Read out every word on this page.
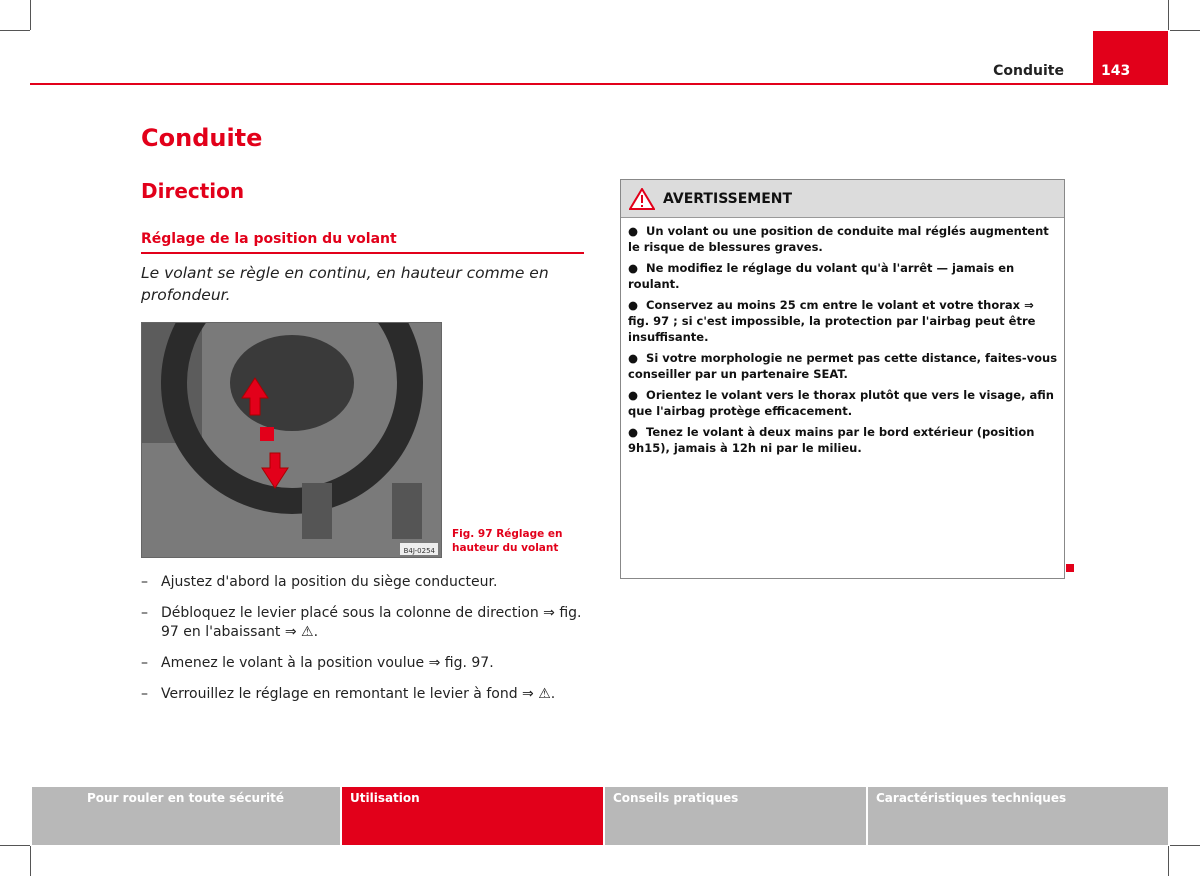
Conduite	143
Conduite
Direction
Réglage de la position du volant
Le volant se règle en continu, en hauteur comme en profondeur.
B4J-0254
Fig. 97 Réglage en hauteur du volant
– Ajustez d'abord la position du siège conducteur.
– Débloquez le levier placé sous la colonne de direction ⇒ fig. 97 en l'abaissant ⇒ ⚠.
– Amenez le volant à la position voulue ⇒ fig. 97.
– Verrouillez le réglage en remontant le levier à fond ⇒ ⚠.
AVERTISSEMENT

● Un volant ou une position de conduite mal réglés augmentent le risque de blessures graves.

● Ne modifiez le réglage du volant qu'à l'arrêt — jamais en roulant.

● Conservez au moins 25 cm entre le volant et votre thorax ⇒ fig. 97 ; si c'est impossible, la protection par l'airbag peut être insuffisante.

● Si votre morphologie ne permet pas cette distance, faites-vous conseiller par un partenaire SEAT.

● Orientez le volant vers le thorax plutôt que vers le visage, afin que l'airbag protège efficacement.

● Tenez le volant à deux mains par le bord extérieur (position 9h15), jamais à 12h ni par le milieu.

Pour rouler en toute sécurité	Utilisation	Conseils pratiques	Caractéristiques techniques
